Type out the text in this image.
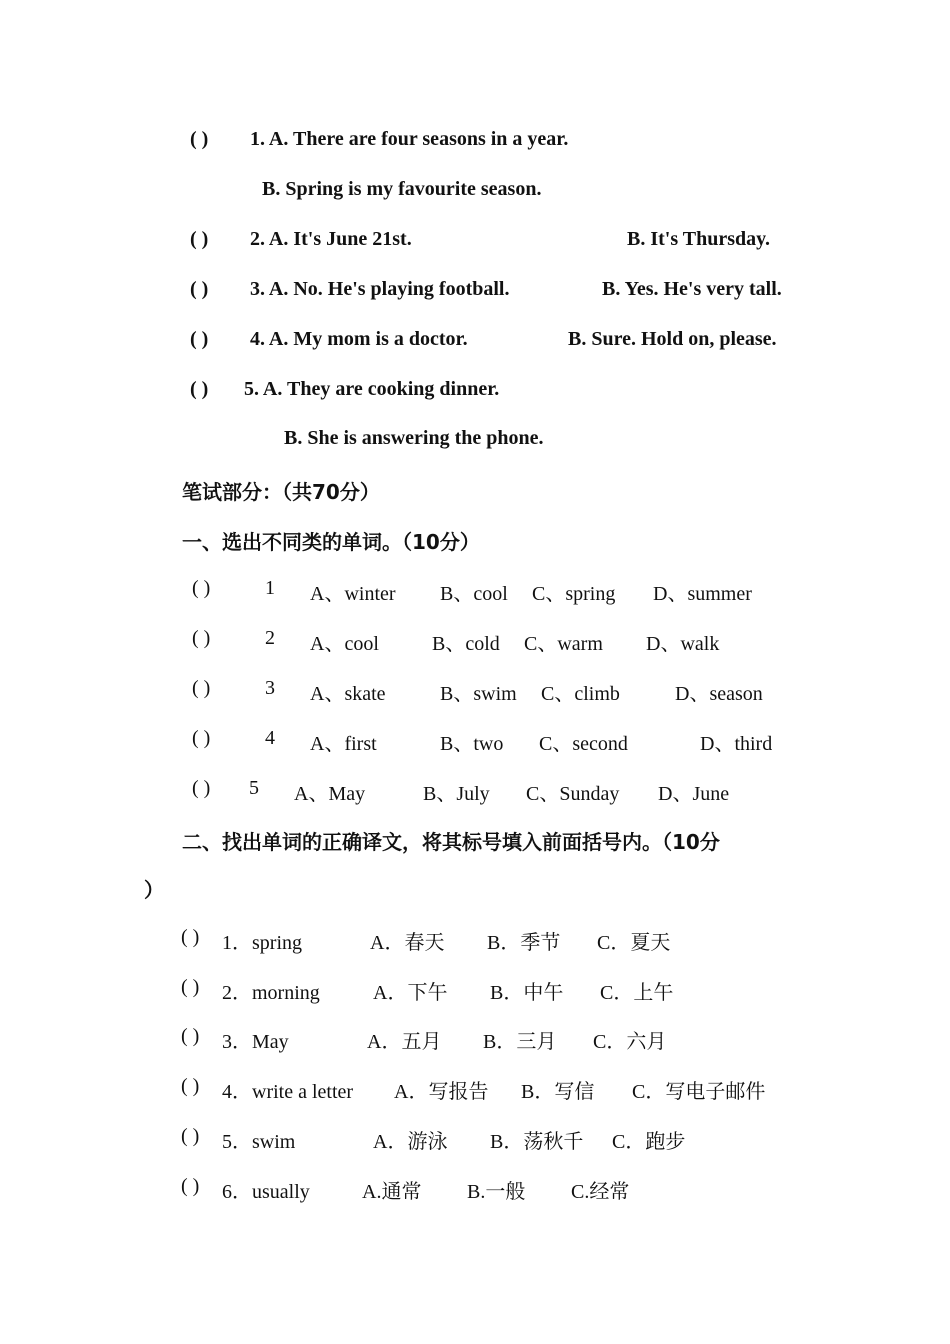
( ) 1. A. There are four seasons in a year.
B. Spring is my favourite season.
( ) 2. A. It's June 21st.	B. It's Thursday.
( ) 3. A. No. He's playing football.	B. Yes. He's very tall.
( ) 4. A. My mom is a doctor.	B. Sure. Hold on, please.
( ) 5. A. They are cooking dinner.
B. She is answering the phone.
笔试部分：（共70分）
一、选出不同类的单词。（10分）
( )	1 A、winter B、cool C、spring D、summer
( )	2 A、cool	B、cold C、warm D、walk
( )	3 A、skate	B、swim C、climb	D、season
( )	4 A、first	B、two C、second	D、third
( ) 5 A、May	B、July C、Sunday D、June
二、找出单词的正确译文，将其标号填入前面括号内。（10分
）
( ) 1．spring	A．春天 B．季节 C．夏天
( ) 2．morning	A．下午 B．中午 C．上午
( ) 3．May	A．五月 B．三月 C．六月
( ) 4．write a letter A．写报告 B．写信 C．写电子邮件
( ) 5．swim	A．游泳 B．荡秋千 C．跑步
( ) 6．usually	A.通常 B.一般 C.经常
